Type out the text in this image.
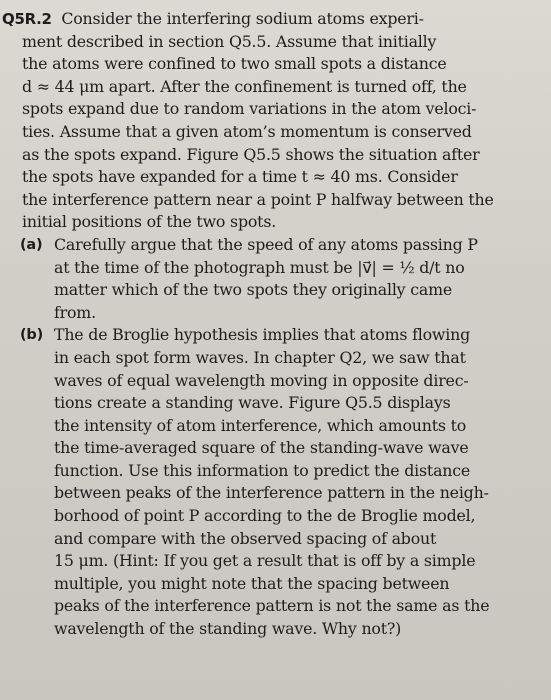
Q5R.2 Consider the interfering sodium atoms experi-
ment described in section Q5.5. Assume that initially
the atoms were confined to two small spots a distance
d ≈ 44 μm apart. After the confinement is turned off, the
spots expand due to random variations in the atom veloci-
ties. Assume that a given atom’s momentum is conserved
as the spots expand. Figure Q5.5 shows the situation after
the spots have expanded for a time t ≈ 40 ms. Consider
the interference pattern near a point P halfway between the
initial positions of the two spots.

(a) Carefully argue that the speed of any atoms passing P
at the time of the photograph must be |v⃗| = ½ d/t no
matter which of the two spots they originally came
from.
(b) The de Broglie hypothesis implies that atoms flowing
in each spot form waves. In chapter Q2, we saw that
waves of equal wavelength moving in opposite direc-
tions create a standing wave. Figure Q5.5 displays
the intensity of atom interference, which amounts to
the time-averaged square of the standing-wave wave
function. Use this information to predict the distance
between peaks of the interference pattern in the neigh-
borhood of point P according to the de Broglie model,
and compare with the observed spacing of about
15 μm. (Hint: If you get a result that is off by a simple
multiple, you might note that the spacing between
peaks of the interference pattern is not the same as the
wavelength of the standing wave. Why not?)
